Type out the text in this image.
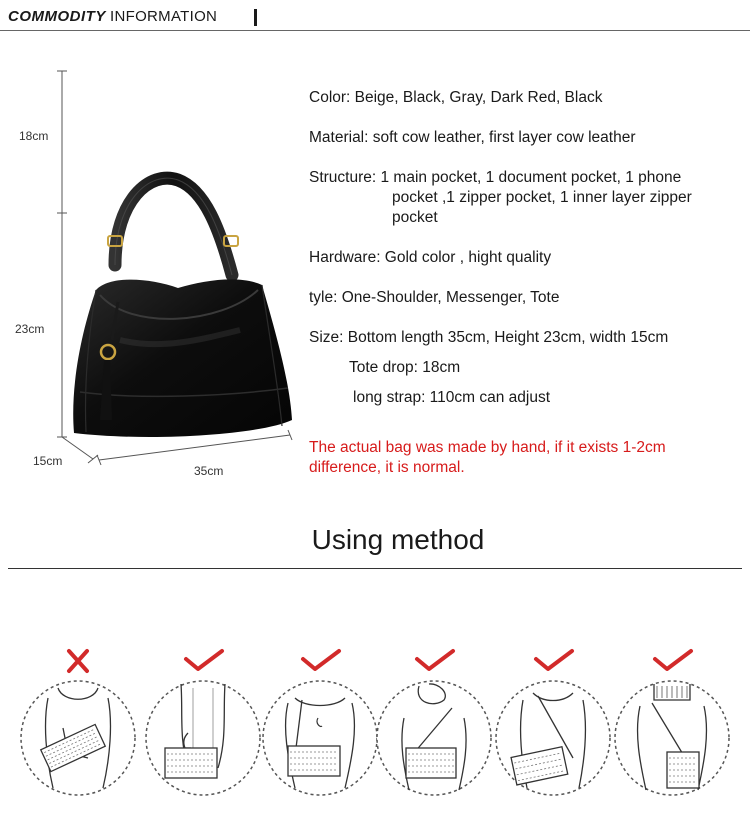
COMMODITY INFORMATION
18cm
23cm
15cm
35cm
Color: Beige, Black, Gray, Dark Red, Black
Material: soft cow leather, first layer cow leather
Structure: 1 main pocket, 1 document pocket, 1 phone
pocket ,1 zipper pocket, 1 inner layer zipper
pocket
Hardware: Gold color , hight quality
tyle: One-Shoulder, Messenger, Tote
Size: Bottom length 35cm, Height 23cm, width 15cm
Tote drop: 18cm
long strap: 110cm can adjust
The actual bag was made by hand, if it exists 1-2cm difference, it is normal.
Using method
